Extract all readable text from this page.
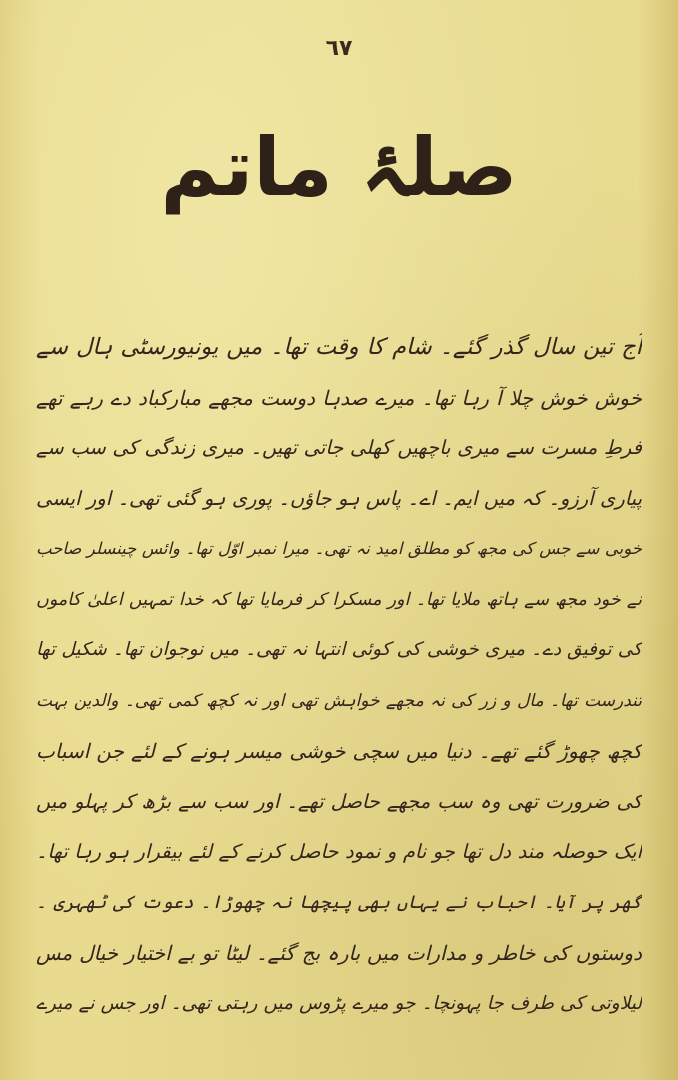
٦٧
صلۂ ماتم
آج تین سال گذر گئے۔ شام کا وقت تھا۔ میں یونیورسٹی ہال سے
خوش خوش چلا آ رہا تھا۔ میرے صدہا دوست مجھے مبارکباد دے رہے تھے
فرطِ مسرت سے میری باچھیں کھلی جاتی تھیں۔ میری زندگی کی سب سے
پیاری آرزو۔ کہ میں ایم۔ اے۔ پاس ہو جاؤں۔ پوری ہو گئی تھی۔ اور ایسی
خوبی سے جس کی مجھ کو مطلق امید نہ تھی۔ میرا نمبر اوّل تھا۔ وائس چینسلر صاحب
نے خود مجھ سے ہاتھ ملایا تھا۔ اور مسکرا کر فرمایا تھا کہ خدا تمہیں اعلیٰ کاموں
کی توفیق دے۔ میری خوشی کی کوئی انتہا نہ تھی۔ میں نوجوان تھا۔ شکیل تھا
تندرست تھا۔ مال و زر کی نہ مجھے خواہش تھی اور نہ کچھ کمی تھی۔ والدین بہت
کچھ چھوڑ گئے تھے۔ دنیا میں سچی خوشی میسر ہونے کے لئے جن اسباب
کی ضرورت تھی وہ سب مجھے حاصل تھے۔ اور سب سے بڑھ کر پہلو میں
ایک حوصلہ مند دل تھا جو نام و نمود حاصل کرنے کے لئے بیقرار ہو رہا تھا۔
گھر پر آیا۔ احباب نے یہاں بھی پیچھا نہ چھوڑا۔ دعوت کی ٹھہری ۔
دوستوں کی خاطر و مدارات میں بارہ بج گئے۔ لیٹا تو بے اختیار خیال مس
لیلاوتی کی طرف جا پہونچا۔ جو میرے پڑوس میں رہتی تھی۔ اور جس نے میرے
